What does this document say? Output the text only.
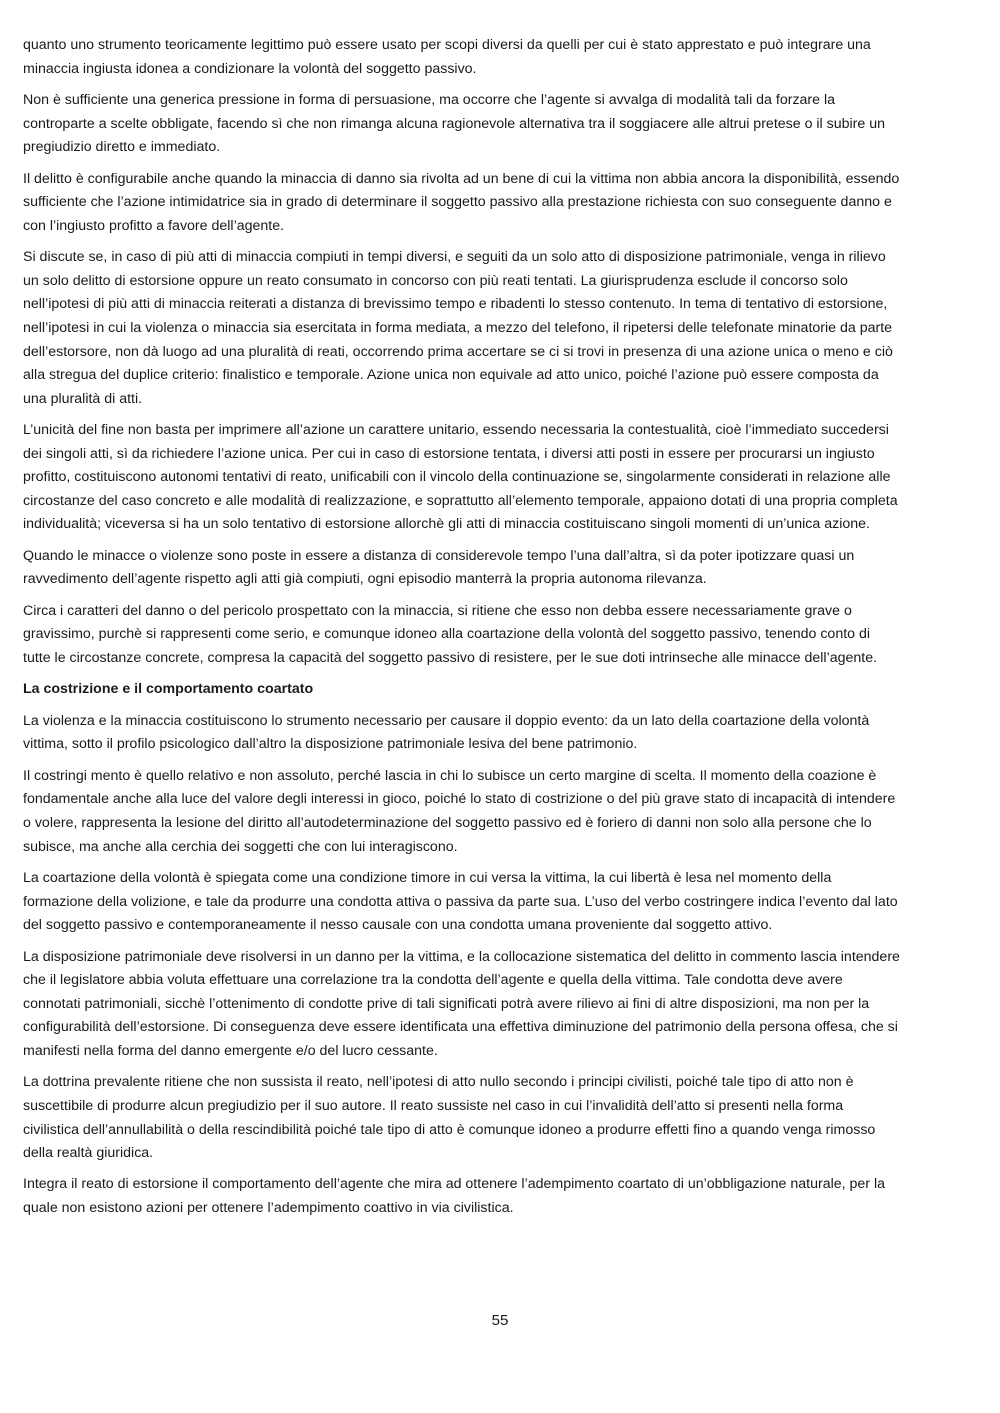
quanto uno strumento teoricamente legittimo può essere usato per scopi diversi da quelli per cui è stato apprestato e può integrare una minaccia ingiusta idonea a condizionare la volontà del soggetto passivo.

Non è sufficiente una generica pressione in forma di persuasione, ma occorre che l’agente si avvalga di modalità tali da forzare la controparte a scelte obbligate, facendo sì che non rimanga alcuna ragionevole alternativa tra il soggiacere alle altrui pretese o il subire un pregiudizio diretto e immediato.

Il delitto è configurabile anche quando la minaccia di danno sia rivolta ad un bene di cui la vittima non abbia ancora la disponibilità, essendo sufficiente che l’azione intimidatrice sia in grado di determinare il soggetto passivo alla prestazione richiesta con suo conseguente danno e con l’ingiusto profitto a favore dell’agente.

Si discute se, in caso di più atti di minaccia compiuti in tempi diversi, e seguiti da un solo atto di disposizione patrimoniale, venga in rilievo un solo delitto di estorsione oppure un reato consumato in concorso con più reati tentati. La giurisprudenza esclude il concorso solo nell’ipotesi di più atti di minaccia reiterati a distanza di brevissimo tempo e ribadenti lo stesso contenuto. In tema di tentativo di estorsione, nell’ipotesi in cui la violenza o minaccia sia esercitata in forma mediata, a mezzo del telefono, il ripetersi delle telefonate minatorie da parte dell’estorsore, non dà luogo ad una pluralità di reati, occorrendo prima accertare se ci si trovi in presenza di una azione unica o meno e ciò alla stregua del duplice criterio: finalistico e temporale. Azione unica non equivale ad atto unico, poiché l’azione può essere composta da una pluralità di atti.

L’unicità del fine non basta per imprimere all’azione un carattere unitario, essendo necessaria la contestualità, cioè l’immediato succedersi dei singoli atti, sì da richiedere l’azione unica. Per cui in caso di estorsione tentata, i diversi atti posti in essere per procurarsi un ingiusto profitto, costituiscono autonomi tentativi di reato, unificabili con il vincolo della continuazione se, singolarmente considerati in relazione alle circostanze del caso concreto e alle modalità di realizzazione, e soprattutto all’elemento temporale, appaiono dotati di una propria completa individualità; viceversa si ha un solo tentativo di estorsione allorchè gli atti di minaccia costituiscano singoli momenti di un’unica azione.

Quando le minacce o violenze sono poste in essere a distanza di considerevole tempo l’una dall’altra, sì da poter ipotizzare quasi un ravvedimento dell’agente rispetto agli atti già compiuti, ogni episodio manterrà la propria autonoma rilevanza.

Circa i caratteri del danno o del pericolo prospettato con la minaccia, si ritiene che esso non debba essere necessariamente grave o gravissimo, purchè si rappresenti come serio, e comunque idoneo alla coartazione della volontà del soggetto passivo, tenendo conto di tutte le circostanze concrete, compresa la capacità del soggetto passivo di resistere, per le sue doti intrinseche alle minacce dell’agente.

La costrizione e il comportamento coartato

La violenza e la minaccia costituiscono lo strumento necessario per causare il doppio evento: da un lato della coartazione della volontà vittima, sotto il profilo psicologico dall’altro la disposizione patrimoniale lesiva del bene patrimonio.

Il costringi mento è quello relativo e non assoluto, perché lascia in chi lo subisce un certo margine di scelta. Il momento della coazione è fondamentale anche alla luce del valore degli interessi in gioco, poiché lo stato di costrizione o del più grave stato di incapacità di intendere o volere, rappresenta la lesione del diritto all’autodeterminazione del soggetto passivo ed è foriero di danni non solo alla persone che lo subisce, ma anche alla cerchia dei soggetti che con lui interagiscono.

La coartazione della volontà è spiegata come una condizione timore in cui versa la vittima, la cui libertà è lesa nel momento della formazione della volizione, e tale da produrre una condotta attiva o passiva da parte sua. L’uso del verbo costringere indica l’evento dal lato del soggetto passivo e contemporaneamente il nesso causale con una condotta umana proveniente dal soggetto attivo.

La disposizione patrimoniale deve risolversi in un danno per la vittima, e la collocazione sistematica del delitto in commento lascia intendere che il legislatore abbia voluta effettuare una correlazione tra la condotta dell’agente e quella della vittima. Tale condotta deve avere connotati patrimoniali, sicchè l’ottenimento di condotte prive di tali significati potrà avere rilievo ai fini di altre disposizioni, ma non per la configurabilità dell’estorsione. Di conseguenza deve essere identificata una effettiva diminuzione del patrimonio della persona offesa, che si manifesti nella forma del danno emergente e/o del lucro cessante.

La dottrina prevalente ritiene che non sussista il reato, nell’ipotesi di atto nullo secondo i principi civilisti, poiché tale tipo di atto non è suscettibile di produrre alcun pregiudizio per il suo autore. Il reato sussiste nel caso in cui l’invalidità dell’atto si presenti nella forma civilistica dell’annullabilità o della rescindibilità poiché tale tipo di atto è comunque idoneo a produrre effetti fino a quando venga rimosso della realtà giuridica.

Integra il reato di estorsione il comportamento dell’agente che mira ad ottenere l’adempimento coartato di un’obbligazione naturale, per la quale non esistono azioni per ottenere l’adempimento coattivo in via civilistica.

55
